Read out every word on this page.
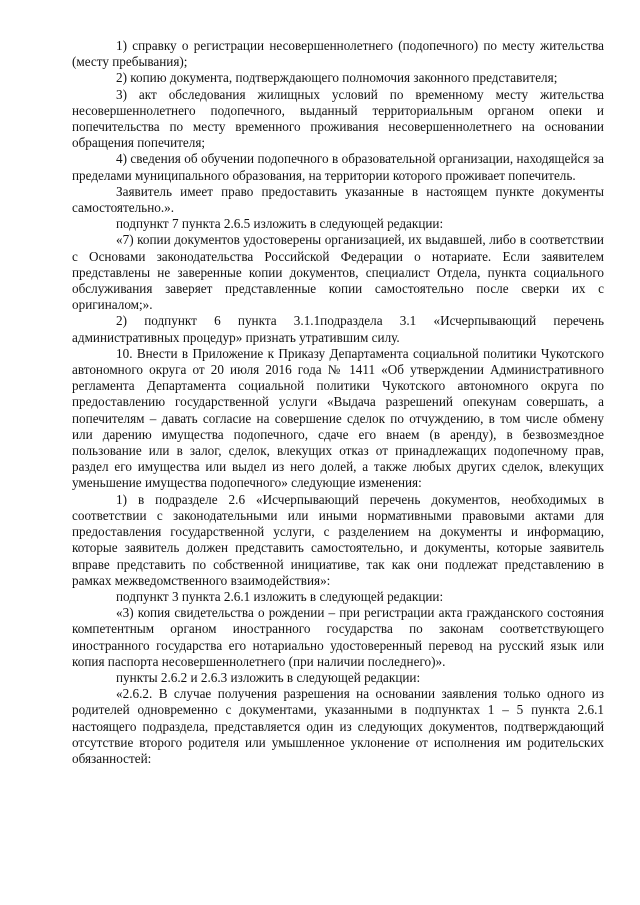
1) справку о регистрации несовершеннолетнего (подопечного) по месту жительства (месту пребывания);

2) копию документа, подтверждающего полномочия законного представителя;

3) акт обследования жилищных условий по временному месту жительства несовершеннолетнего подопечного, выданный территориальным органом опеки и попечительства по месту временного проживания несовершеннолетнего на основании обращения попечителя;

4) сведения об обучении подопечного в образовательной организации, находящейся за пределами муниципального образования, на территории которого проживает попечитель.

Заявитель имеет право предоставить указанные в настоящем пункте документы самостоятельно.».

подпункт 7 пункта 2.6.5 изложить в следующей редакции:

«7) копии документов удостоверены организацией, их выдавшей, либо в соответствии с Основами законодательства Российской Федерации о нотариате. Если заявителем представлены не заверенные копии документов, специалист Отдела, пункта социального обслуживания заверяет представленные копии самостоятельно после сверки их с оригиналом;».

2) подпункт 6 пункта 3.1.1подраздела 3.1 «Исчерпывающий перечень административных процедур» признать утратившим силу.

10. Внести в Приложение к Приказу Департамента социальной политики Чукотского автономного округа от 20 июля 2016 года № 1411 «Об утверждении Административного регламента Департамента социальной политики Чукотского автономного округа по предоставлению государственной услуги «Выдача разрешений опекунам совершать, а попечителям – давать согласие на совершение сделок по отчуждению, в том числе обмену или дарению имущества подопечного, сдаче его внаем (в аренду), в безвозмездное пользование или в залог, сделок, влекущих отказ от принадлежащих подопечному прав, раздел его имущества или выдел из него долей, а также любых других сделок, влекущих уменьшение имущества подопечного» следующие изменения:

1) в подразделе 2.6 «Исчерпывающий перечень документов, необходимых в соответствии с законодательными или иными нормативными правовыми актами для предоставления государственной услуги, с разделением на документы и информацию, которые заявитель должен представить самостоятельно, и документы, которые заявитель вправе представить по собственной инициативе, так как они подлежат представлению в рамках межведомственного взаимодействия»:

подпункт 3 пункта 2.6.1 изложить в следующей редакции:

«3) копия свидетельства о рождении – при регистрации акта гражданского состояния компетентным органом иностранного государства по законам соответствующего иностранного государства его нотариально удостоверенный перевод на русский язык или копия паспорта несовершеннолетнего (при наличии последнего)».

пункты 2.6.2 и 2.6.3 изложить в следующей редакции:

«2.6.2. В случае получения разрешения на основании заявления только одного из родителей одновременно с документами, указанными в подпунктах 1 – 5 пункта 2.6.1 настоящего подраздела, представляется один из следующих документов, подтверждающий отсутствие второго родителя или умышленное уклонение от исполнения им родительских обязанностей:
